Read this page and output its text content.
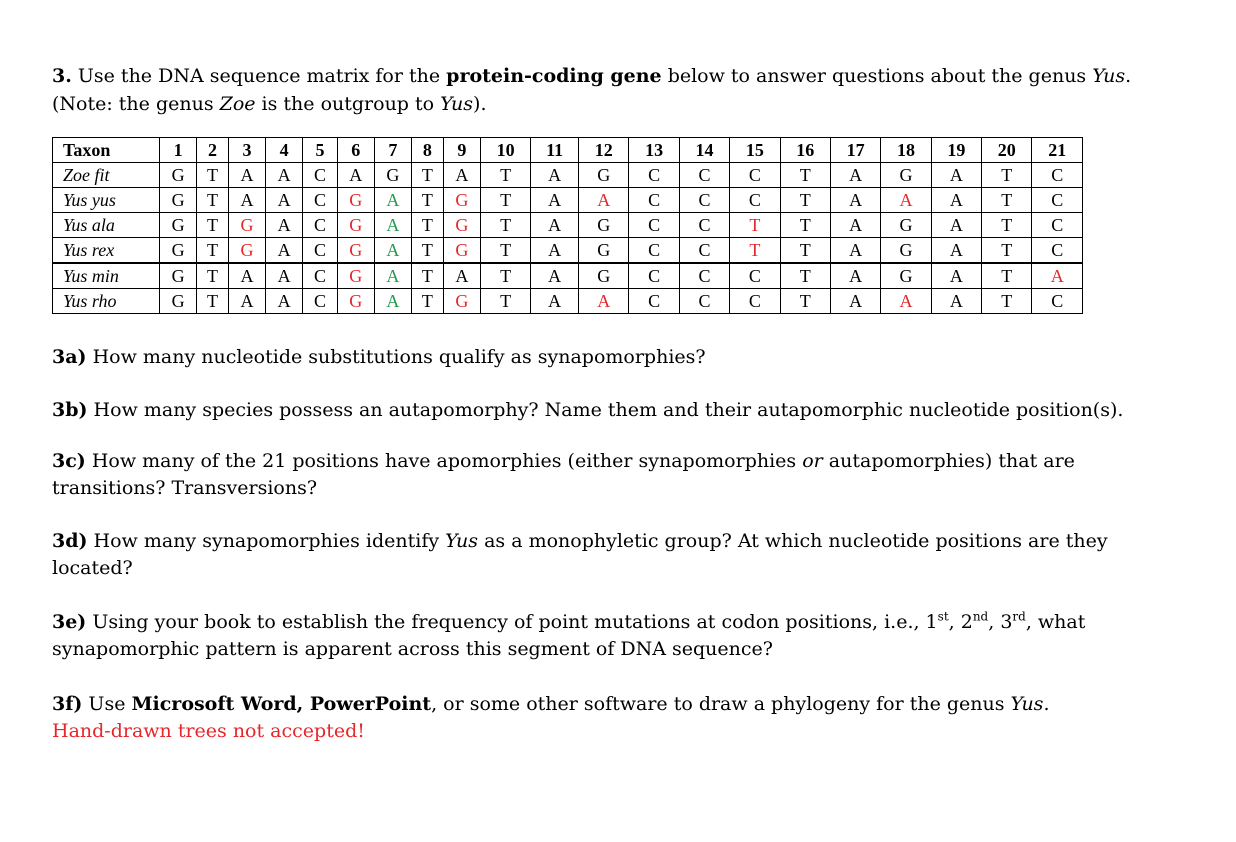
3. Use the DNA sequence matrix for the protein-coding gene below to answer questions about the genus Yus.
(Note: the genus Zoe is the outgroup to Yus).

Taxon	1	2	3	4	5	6	7	8	9	10	11	12	13	14	15	16	17	18	19	20	21
Zoe fit	G	T	A	A	C	A	G	T	A	T	A	G	C	C	C	T	A	G	A	T	C
Yus yus	G	T	A	A	C	G	A	T	G	T	A	A	C	C	C	T	A	A	A	T	C
Yus ala	G	T	G	A	C	G	A	T	G	T	A	G	C	C	T	T	A	G	A	T	C
Yus rex	G	T	G	A	C	G	A	T	G	T	A	G	C	C	T	T	A	G	A	T	C
Yus min	G	T	A	A	C	G	A	T	A	T	A	G	C	C	C	T	A	G	A	T	A
Yus rho	G	T	A	A	C	G	A	T	G	T	A	A	C	C	C	T	A	A	A	T	C

3a) How many nucleotide substitutions qualify as synapomorphies?

3b) How many species possess an autapomorphy? Name them and their autapomorphic nucleotide position(s).

3c) How many of the 21 positions have apomorphies (either synapomorphies or autapomorphies) that are
transitions? Transversions?

3d) How many synapomorphies identify Yus as a monophyletic group? At which nucleotide positions are they
located?

3e) Using your book to establish the frequency of point mutations at codon positions, i.e., 1st, 2nd, 3rd, what
synapomorphic pattern is apparent across this segment of DNA sequence?

3f) Use Microsoft Word, PowerPoint, or some other software to draw a phylogeny for the genus Yus.
Hand-drawn trees not accepted!
